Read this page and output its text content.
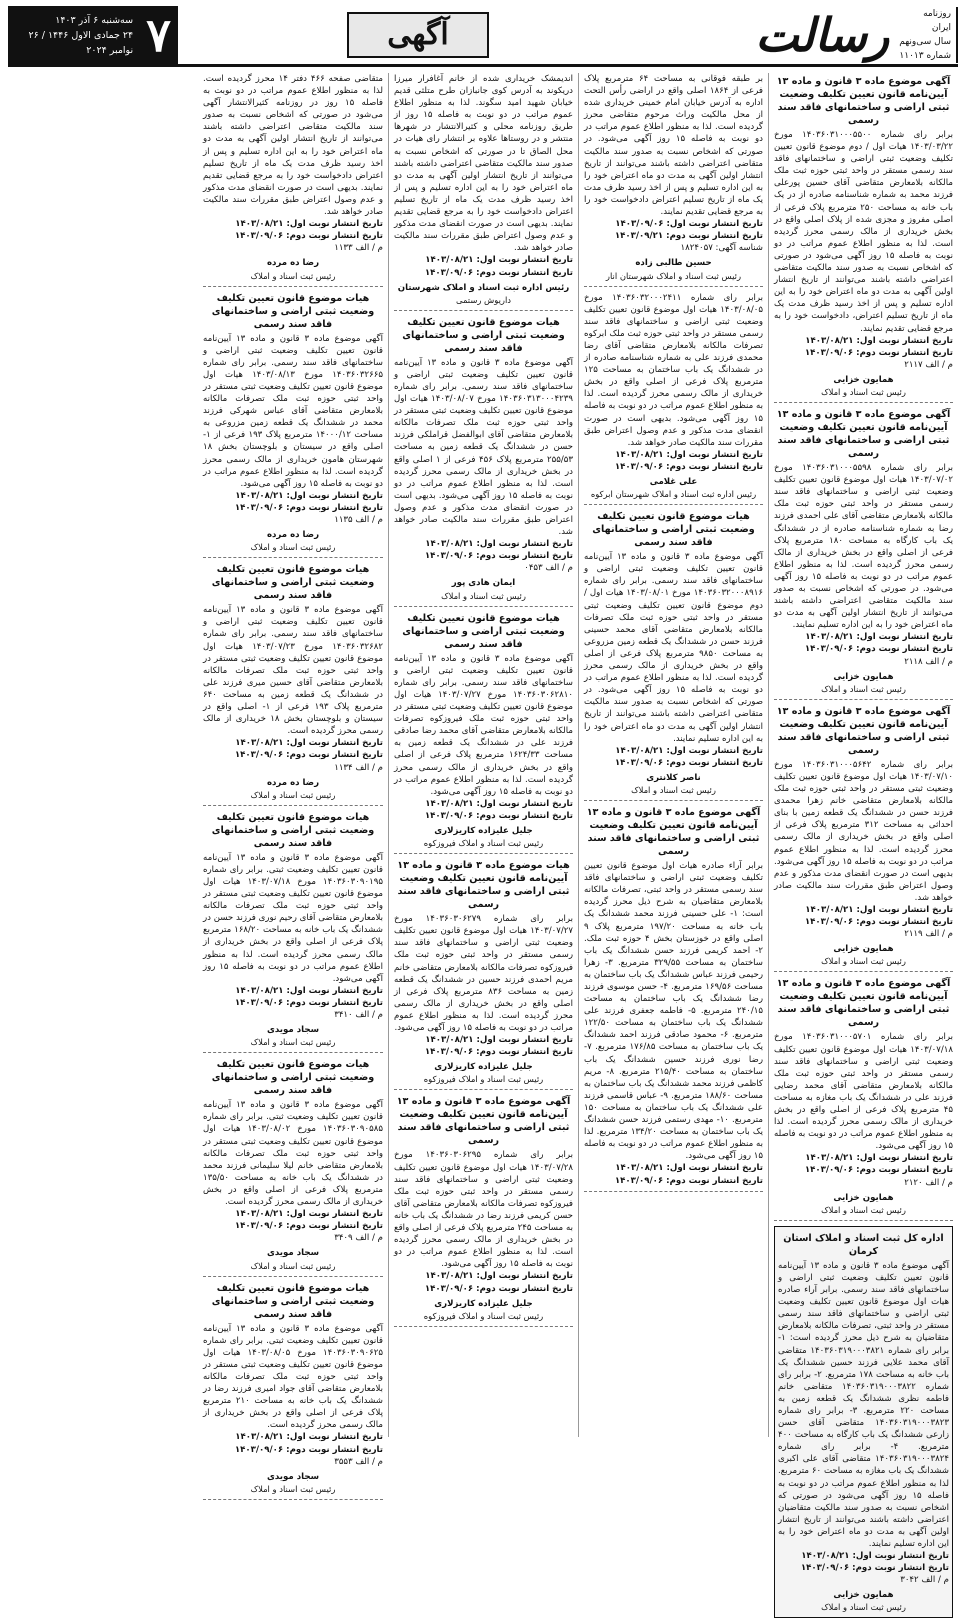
سه‌شنبه ۶ آذر ۱۴۰۳
۲۴ جمادی الاول ۱۴۴۶ / ۲۶ نوامبر ۲۰۲۴ ۷	آگهی	رسالت	روزنامه
ایران
سال سی‌ونهم
شماره ۱۱۰۱۳
آگهی موضوع ماده ۳ قانون و ماده ۱۳ آیین‌نامه قانون تعیین تکلیف وضعیت ثبتی اراضی و ساختمانهای فاقد سند رسمی
برابر رای شماره ۱۴۰۳۶۰۳۱۰۰۰۵۵۰۰ مورخ ۱۴۰۳/۰۳/۲۲ هیات اول / دوم موضوع قانون تعیین تکلیف وضعیت ثبتی اراضی و ساختمانهای فاقد سند رسمی مستقر در واحد ثبتی حوزه ثبت ملک مالکانه بلامعارض متقاضی آقای حسین پورعلی فرزند محمد به شماره شناسنامه صادره از در یک باب خانه به مساحت ۲۵۰ مترمربع پلاک فرعی از اصلی مفروز و مجزی شده از پلاک اصلی واقع در بخش خریداری از مالک رسمی محرز گردیده است. لذا به منظور اطلاع عموم مراتب در دو نوبت به فاصله ۱۵ روز آگهی می‌شود در صورتی که اشخاص نسبت به صدور سند مالکیت متقاضی اعتراضی داشته باشند می‌توانند از تاریخ انتشار اولین آگهی به مدت دو ماه اعتراض خود را به این اداره تسلیم و پس از اخذ رسید ظرف مدت یک ماه از تاریخ تسلیم اعتراض، دادخواست خود را به مرجع قضایی تقدیم نمایند.
تاریخ انتشار نوبت اول: ۱۴۰۳/۰۸/۲۱
تاریخ انتشار نوبت دوم: ۱۴۰۳/۰۹/۰۶
م / الف ۲۱۱۷
همایون خزایی
رئیس ثبت اسناد و املاک
آگهی موضوع ماده ۳ قانون و ماده ۱۳ آیین‌نامه قانون تعیین تکلیف وضعیت ثبتی اراضی و ساختمانهای فاقد سند رسمی
برابر رای شماره ۱۴۰۳۶۰۳۱۰۰۰۵۵۹۸ مورخ ۱۴۰۳/۰۷/۰۲ هیات اول موضوع قانون تعیین تکلیف وضعیت ثبتی اراضی و ساختمانهای فاقد سند رسمی مستقر در واحد ثبتی حوزه ثبت ملک مالکانه بلامعارض متقاضی آقای علی احمدی فرزند رضا به شماره شناسنامه صادره از در ششدانگ یک باب کارگاه به مساحت ۱۸۰ مترمربع پلاک فرعی از اصلی واقع در بخش خریداری از مالک رسمی محرز گردیده است. لذا به منظور اطلاع عموم مراتب در دو نوبت به فاصله ۱۵ روز آگهی می‌شود. در صورتی که اشخاص نسبت به صدور سند مالکیت متقاضی اعتراضی داشته باشند می‌توانند از تاریخ انتشار اولین آگهی به مدت دو ماه اعتراض خود را به این اداره تسلیم نمایند.
تاریخ انتشار نوبت اول: ۱۴۰۳/۰۸/۲۱
تاریخ انتشار نوبت دوم: ۱۴۰۳/۰۹/۰۶
م / الف ۲۱۱۸
همایون خزایی
رئیس ثبت اسناد و املاک
آگهی موضوع ماده ۳ قانون و ماده ۱۳ آیین‌نامه قانون تعیین تکلیف وضعیت ثبتی اراضی و ساختمانهای فاقد سند رسمی
برابر رای شماره ۱۴۰۳۶۰۳۱۰۰۰۵۶۴۲ مورخ ۱۴۰۳/۰۷/۱۰ هیات اول موضوع قانون تعیین تکلیف وضعیت ثبتی مستقر در واحد ثبتی حوزه ثبت ملک مالکانه بلامعارض متقاضی خانم زهرا محمدی فرزند حسن در ششدانگ یک قطعه زمین با بنای احداثی به مساحت ۳۱۲ مترمربع پلاک فرعی از اصلی واقع در بخش خریداری از مالک رسمی محرز گردیده است. لذا به منظور اطلاع عموم مراتب در دو نوبت به فاصله ۱۵ روز آگهی می‌شود. بدیهی است در صورت انقضای مدت مذکور و عدم وصول اعتراض طبق مقررات سند مالکیت صادر خواهد شد.
تاریخ انتشار نوبت اول: ۱۴۰۳/۰۸/۲۱
تاریخ انتشار نوبت دوم: ۱۴۰۳/۰۹/۰۶
م / الف ۲۱۱۹
همایون خزایی
رئیس ثبت اسناد و املاک
آگهی موضوع ماده ۳ قانون و ماده ۱۳ آیین‌نامه قانون تعیین تکلیف وضعیت ثبتی اراضی و ساختمانهای فاقد سند رسمی
برابر رای شماره ۱۴۰۳۶۰۳۱۰۰۰۵۷۰۱ مورخ ۱۴۰۳/۰۷/۱۸ هیات اول موضوع قانون تعیین تکلیف وضعیت ثبتی اراضی و ساختمانهای فاقد سند رسمی مستقر در واحد ثبتی حوزه ثبت ملک مالکانه بلامعارض متقاضی آقای محمد رضایی فرزند علی در ششدانگ یک باب مغازه به مساحت ۴۵ مترمربع پلاک فرعی از اصلی واقع در بخش خریداری از مالک رسمی محرز گردیده است. لذا به منظور اطلاع عموم مراتب در دو نوبت به فاصله ۱۵ روز آگهی می‌شود.
تاریخ انتشار نوبت اول: ۱۴۰۳/۰۸/۲۱
تاریخ انتشار نوبت دوم: ۱۴۰۳/۰۹/۰۶
م / الف ۲۱۲۰
همایون خزایی
رئیس ثبت اسناد و املاک
اداره کل ثبت اسناد و املاک استان کرمان
آگهی موضوع ماده ۳ قانون و ماده ۱۳ آیین‌نامه قانون تعیین تکلیف وضعیت ثبتی اراضی و ساختمانهای فاقد سند رسمی. برابر آراء صادره هیات اول موضوع قانون تعیین تکلیف وضعیت ثبتی اراضی و ساختمانهای فاقد سند رسمی مستقر در واحد ثبتی، تصرفات مالکانه بلامعارض متقاضیان به شرح ذیل محرز گردیده است: ۱- برابر رای شماره ۱۴۰۳۶۰۳۱۹۰۰۰۳۸۲۱ متقاضی آقای محمد علایی فرزند حسین ششدانگ یک باب خانه به مساحت ۱۷۸ مترمربع. ۲- برابر رای شماره ۱۴۰۳۶۰۳۱۹۰۰۰۳۸۲۲ متقاضی خانم فاطمه نظری ششدانگ یک قطعه زمین به مساحت ۲۲۰ مترمربع. ۳- برابر رای شماره ۱۴۰۳۶۰۳۱۹۰۰۰۳۸۲۳ متقاضی آقای حسن زارعی ششدانگ یک باب کارگاه به مساحت ۴۰۰ مترمربع. ۴- برابر رای شماره ۱۴۰۳۶۰۳۱۹۰۰۰۳۸۲۴ متقاضی آقای علی اکبری ششدانگ یک باب مغازه به مساحت ۶۰ مترمربع. لذا به منظور اطلاع عموم مراتب در دو نوبت به فاصله ۱۵ روز آگهی می‌شود در صورتی که اشخاص نسبت به صدور سند مالکیت متقاضیان اعتراضی داشته باشند می‌توانند از تاریخ انتشار اولین آگهی به مدت دو ماه اعتراض خود را به این اداره تسلیم نمایند.
تاریخ انتشار نوبت اول: ۱۴۰۳/۰۸/۲۱
تاریخ انتشار نوبت دوم: ۱۴۰۳/۰۹/۰۶
م / الف ۳۰۴۲
همایون خزایی
رئیس ثبت اسناد و املاک
بر طبقه فوقانی به مساحت ۶۴ مترمربع پلاک فرعی از ۱۸۶۴ اصلی واقع در اراضی رأس التحت اداره به آدرس خیابان امام خمینی خریداری شده از محل مالکیت وراث مرحوم متقاضی محرز گردیده است. لذا به منظور اطلاع عموم مراتب در دو نوبت به فاصله ۱۵ روز آگهی می‌شود. در صورتی که اشخاص نسبت به صدور سند مالکیت متقاضی اعتراضی داشته باشند می‌توانند از تاریخ انتشار اولین آگهی به مدت دو ماه اعتراض خود را به این اداره تسلیم و پس از اخذ رسید ظرف مدت یک ماه از تاریخ تسلیم اعتراض دادخواست خود را به مرجع قضایی تقدیم نمایند.
تاریخ انتشار نوبت اول: ۱۴۰۳/۰۹/۰۶
تاریخ انتشار نوبت دوم: ۱۴۰۳/۰۹/۲۱
شناسه آگهی: ۱۸۲۴۰۵۷
حسین طالبی زاده
رئیس ثبت اسناد و املاک شهرستان انار
برابر رای شماره ۱۴۰۳۶۰۳۲۰۰۰۲۴۱۱ مورخ ۱۴۰۳/۰۸/۰۵ هیات اول موضوع قانون تعیین تکلیف وضعیت ثبتی اراضی و ساختمانهای فاقد سند رسمی مستقر در واحد ثبتی حوزه ثبت ملک ابرکوه تصرفات مالکانه بلامعارض متقاضی آقای رضا محمدی فرزند علی به شماره شناسنامه صادره از در ششدانگ یک باب ساختمان به مساحت ۱۲۵ مترمربع پلاک فرعی از اصلی واقع در بخش خریداری از مالک رسمی محرز گردیده است. لذا به منظور اطلاع عموم مراتب در دو نوبت به فاصله ۱۵ روز آگهی می‌شود. بدیهی است در صورت انقضای مدت مذکور و عدم وصول اعتراض طبق مقررات سند مالکیت صادر خواهد شد.
تاریخ انتشار نوبت اول: ۱۴۰۳/۰۸/۲۱
تاریخ انتشار نوبت دوم: ۱۴۰۳/۰۹/۰۶
علی غلامی
رئیس اداره ثبت اسناد و املاک شهرستان ابرکوه
هیات موضوع قانون تعیین تکلیف وضعیت ثبتی اراضی و ساختمانهای فاقد سند رسمی
آگهی موضوع ماده ۳ قانون و ماده ۱۳ آیین‌نامه قانون تعیین تکلیف وضعیت ثبتی اراضی و ساختمانهای فاقد سند رسمی. برابر رای شماره ۱۴۰۳۶۰۳۲۰۰۰۸۹۱۶ مورخ ۱۴۰۳/۰۸/۰۱ هیات اول / دوم موضوع قانون تعیین تکلیف وضعیت ثبتی مستقر در واحد ثبتی حوزه ثبت ملک تصرفات مالکانه بلامعارض متقاضی آقای محمد حسینی فرزند حسن در ششدانگ یک قطعه زمین مزروعی به مساحت ۹۸۵۰ مترمربع پلاک فرعی از اصلی واقع در بخش خریداری از مالک رسمی محرز گردیده است. لذا به منظور اطلاع عموم مراتب در دو نوبت به فاصله ۱۵ روز آگهی می‌شود. در صورتی که اشخاص نسبت به صدور سند مالکیت متقاضی اعتراضی داشته باشند می‌توانند از تاریخ انتشار اولین آگهی به مدت دو ماه اعتراض خود را به این اداره تسلیم نمایند.
تاریخ انتشار نوبت اول: ۱۴۰۳/۰۸/۲۱
تاریخ انتشار نوبت دوم: ۱۴۰۳/۰۹/۰۶
ناصر کلانتری
رئیس ثبت اسناد و املاک
آگهی موضوع ماده ۳ قانون و ماده ۱۳ آیین‌نامه قانون تعیین تکلیف وضعیت ثبتی اراضی و ساختمانهای فاقد سند رسمی
برابر آراء صادره هیات اول موضوع قانون تعیین تکلیف وضعیت ثبتی اراضی و ساختمانهای فاقد سند رسمی مستقر در واحد ثبتی، تصرفات مالکانه بلامعارض متقاضیان به شرح ذیل محرز گردیده است: ۱- علی حسینی فرزند محمد ششدانگ یک باب خانه به مساحت ۱۹۷/۲۰ مترمربع پلاک ۹ اصلی واقع در خوزستان بخش ۴ حوزه ثبت ملک. ۲- احمد کریمی فرزند حسن ششدانگ یک باب ساختمان به مساحت ۳۲۹/۵۵ مترمربع. ۳- زهرا رحیمی فرزند عباس ششدانگ یک باب ساختمان به مساحت ۱۶۹/۵۶ مترمربع. ۴- حسن موسوی فرزند رضا ششدانگ یک باب ساختمان به مساحت ۲۴۰/۱۵ مترمربع. ۵- فاطمه جعفری فرزند علی ششدانگ یک باب ساختمان به مساحت ۱۲۲/۵۰ مترمربع. ۶- محمود صادقی فرزند احمد ششدانگ یک باب ساختمان به مساحت ۱۷۶/۸۵ مترمربع. ۷- رضا نوری فرزند حسین ششدانگ یک باب ساختمان به مساحت ۲۱۵/۴۰ مترمربع. ۸- مریم کاظمی فرزند محمد ششدانگ یک باب ساختمان به مساحت ۱۸۸/۶۰ مترمربع. ۹- عباس قاسمی فرزند علی ششدانگ یک باب ساختمان به مساحت ۱۵۰ مترمربع. ۱۰- مهدی رستمی فرزند حسن ششدانگ یک باب ساختمان به مساحت ۱۳۴/۲۰ مترمربع. لذا به منظور اطلاع عموم مراتب در دو نوبت به فاصله ۱۵ روز آگهی می‌شود.
تاریخ انتشار نوبت اول: ۱۴۰۳/۰۸/۲۱
تاریخ انتشار نوبت دوم: ۱۴۰۳/۰۹/۰۶
اندیمشک خریداری شده از خانم آغافرار میرزا دریکوند به آدرس کوی جانبازان طرح متلثی قدیم خیابان شهید امید سگوند. لذا به منظور اطلاع عموم مراتب در دو نوبت به فاصله ۱۵ روز از طریق روزنامه محلی و کثیرالانتشار در شهرها منتشر و در روستاها علاوه بر انتشار رای هیات در محل الصاق تا در صورتی که اشخاص نسبت به صدور سند مالکیت متقاضی اعتراضی داشته باشند می‌توانند از تاریخ انتشار اولین آگهی به مدت دو ماه اعتراض خود را به این اداره تسلیم و پس از اخذ رسید ظرف مدت یک ماه از تاریخ تسلیم اعتراض دادخواست خود را به مرجع قضایی تقدیم نمایند. بدیهی است در صورت انقضای مدت مذکور و عدم وصول اعتراض طبق مقررات سند مالکیت صادر خواهد شد.
تاریخ انتشار نوبت اول: ۱۴۰۳/۰۸/۲۱
تاریخ انتشار نوبت دوم: ۱۴۰۳/۰۹/۰۶
رئیس اداره ثبت اسناد و املاک شهرستان
داریوش رستمی
هیات موضوع قانون تعیین تکلیف وضعیت ثبتی اراضی و ساختمانهای فاقد سند رسمی
آگهی موضوع ماده ۳ قانون و ماده ۱۳ آیین‌نامه قانون تعیین تکلیف وضعیت ثبتی اراضی و ساختمانهای فاقد سند رسمی. برابر رای شماره ۱۴۰۳۶۰۳۱۳۰۰۰۴۲۳۹ مورخ ۱۴۰۳/۰۸/۰۷ هیات اول موضوع قانون تعیین تکلیف وضعیت ثبتی مستقر در واحد ثبتی حوزه ثبت ملک تصرفات مالکانه بلامعارض متقاضی آقای ابوالفضل قراملکی فرزند حسن در ششدانگ یک قطعه زمین به مساحت ۲۵۵/۵۳ مترمربع پلاک ۴۵۶ فرعی از ۱ اصلی واقع در بخش خریداری از مالک رسمی محرز گردیده است. لذا به منظور اطلاع عموم مراتب در دو نوبت به فاصله ۱۵ روز آگهی می‌شود. بدیهی است در صورت انقضای مدت مذکور و عدم وصول اعتراض طبق مقررات سند مالکیت صادر خواهد شد.
تاریخ انتشار نوبت اول: ۱۴۰۳/۰۸/۲۱
تاریخ انتشار نوبت دوم: ۱۴۰۳/۰۹/۰۶
م / الف ۰۴۵۳
ایمان هادی پور
رئیس ثبت اسناد و املاک
هیات موضوع قانون تعیین تکلیف وضعیت ثبتی اراضی و ساختمانهای فاقد سند رسمی
آگهی موضوع ماده ۳ قانون و ماده ۱۳ آیین‌نامه قانون تعیین تکلیف وضعیت ثبتی اراضی و ساختمانهای فاقد سند رسمی. برابر رای شماره ۱۴۰۳۶۰۳۰۶۲۸۱۰ مورخ ۱۴۰۳/۰۷/۲۷ هیات اول موضوع قانون تعیین تکلیف وضعیت ثبتی مستقر در واحد ثبتی حوزه ثبت ملک فیروزکوه تصرفات مالکانه بلامعارض متقاضی آقای محمد رضا صادقی فرزند علی در ششدانگ یک قطعه زمین به مساحت ۱۶۲۴/۳۳ مترمربع پلاک فرعی از اصلی واقع در بخش خریداری از مالک رسمی محرز گردیده است. لذا به منظور اطلاع عموم مراتب در دو نوبت به فاصله ۱۵ روز آگهی می‌شود.
تاریخ انتشار نوبت اول: ۱۴۰۳/۰۸/۲۱
تاریخ انتشار نوبت دوم: ۱۴۰۳/۰۹/۰۶
جلیل علیزاده کاریزلاری
رئیس ثبت اسناد و املاک فیروزکوه
هیات موضوع ماده ۳ قانون و ماده ۱۳ آیین‌نامه قانون تعیین تکلیف وضعیت ثبتی اراضی و ساختمانهای فاقد سند رسمی
برابر رای شماره ۱۴۰۳۶۰۳۰۶۲۷۹ مورخ ۱۴۰۳/۰۷/۲۷ هیات اول موضوع قانون تعیین تکلیف وضعیت ثبتی اراضی و ساختمانهای فاقد سند رسمی مستقر در واحد ثبتی حوزه ثبت ملک فیروزکوه تصرفات مالکانه بلامعارض متقاضی خانم مریم احمدی فرزند حسین در ششدانگ یک قطعه زمین به مساحت ۸۳۶ مترمربع پلاک فرعی از اصلی واقع در بخش خریداری از مالک رسمی محرز گردیده است. لذا به منظور اطلاع عموم مراتب در دو نوبت به فاصله ۱۵ روز آگهی می‌شود.
تاریخ انتشار نوبت اول: ۱۴۰۳/۰۸/۲۱
تاریخ انتشار نوبت دوم: ۱۴۰۳/۰۹/۰۶
جلیل علیزاده کاریزلاری
رئیس ثبت اسناد و املاک فیروزکوه
آگهی موضوع ماده ۳ قانون و ماده ۱۳ آیین‌نامه قانون تعیین تکلیف وضعیت ثبتی اراضی و ساختمانهای فاقد سند رسمی
برابر رای شماره ۱۴۰۳۶۰۳۰۶۲۹۵ مورخ ۱۴۰۳/۰۷/۲۸ هیات اول موضوع قانون تعیین تکلیف وضعیت ثبتی اراضی و ساختمانهای فاقد سند رسمی مستقر در واحد ثبتی حوزه ثبت ملک فیروزکوه تصرفات مالکانه بلامعارض متقاضی آقای حسن کریمی فرزند رضا در ششدانگ یک باب خانه به مساحت ۲۴۵ مترمربع پلاک فرعی از اصلی واقع در بخش خریداری از مالک رسمی محرز گردیده است. لذا به منظور اطلاع عموم مراتب در دو نوبت به فاصله ۱۵ روز آگهی می‌شود.
تاریخ انتشار نوبت اول: ۱۴۰۳/۰۸/۲۱
تاریخ انتشار نوبت دوم: ۱۴۰۳/۰۹/۰۶
جلیل علیزاده کاریزلاری
رئیس ثبت اسناد و املاک فیروزکوه
متقاضی صفحه ۴۶۶ دفتر ۱۴ محرز گردیده است. لذا به منظور اطلاع عموم مراتب در دو نوبت به فاصله ۱۵ روز در روزنامه کثیرالانتشار آگهی می‌شود در صورتی که اشخاص نسبت به صدور سند مالکیت متقاضی اعتراضی داشته باشند می‌توانند از تاریخ انتشار اولین آگهی به مدت دو ماه اعتراض خود را به این اداره تسلیم و پس از اخذ رسید ظرف مدت یک ماه از تاریخ تسلیم اعتراض دادخواست خود را به مرجع قضایی تقدیم نمایند. بدیهی است در صورت انقضای مدت مذکور و عدم وصول اعتراض طبق مقررات سند مالکیت صادر خواهد شد.
تاریخ انتشار نوبت اول: ۱۴۰۳/۰۸/۲۱
تاریخ انتشار نوبت دوم: ۱۴۰۳/۰۹/۰۶
م / الف ۱۱۳۳
رضا ده مرده
رئیس ثبت اسناد و املاک
هیات موضوع قانون تعیین تکلیف وضعیت ثبتی اراضی و ساختمانهای فاقد سند رسمی
آگهی موضوع ماده ۳ قانون و ماده ۱۳ آیین‌نامه قانون تعیین تکلیف وضعیت ثبتی اراضی و ساختمانهای فاقد سند رسمی. برابر رای شماره ۱۴۰۳۶۰۳۲۶۶۵ مورخ ۱۴۰۳/۰۸/۱۳ هیات اول موضوع قانون تعیین تکلیف وضعیت ثبتی مستقر در واحد ثبتی حوزه ثبت ملک تصرفات مالکانه بلامعارض متقاضی آقای عباس شهرکی فرزند محمد در ششدانگ یک قطعه زمین مزروعی به مساحت ۱۴۰۰۰/۱۲ مترمربع پلاک ۱۹۳ فرعی از ۱- اصلی واقع در سیستان و بلوچستان بخش ۱۸ شهرستان هامون خریداری از مالک رسمی محرز گردیده است. لذا به منظور اطلاع عموم مراتب در دو نوبت به فاصله ۱۵ روز آگهی می‌شود.
تاریخ انتشار نوبت اول: ۱۴۰۳/۰۸/۲۱
تاریخ انتشار نوبت دوم: ۱۴۰۳/۰۹/۰۶
م / الف ۱۱۳۵
رضا ده مرده
رئیس ثبت اسناد و املاک
هیات موضوع قانون تعیین تکلیف وضعیت ثبتی اراضی و ساختمانهای فاقد سند رسمی
آگهی موضوع ماده ۳ قانون و ماده ۱۳ آیین‌نامه قانون تعیین تکلیف وضعیت ثبتی اراضی و ساختمانهای فاقد سند رسمی. برابر رای شماره ۱۴۰۳۶۰۳۲۶۸۲ مورخ ۱۴۰۳/۰۷/۲۳ هیات اول موضوع قانون تعیین تکلیف وضعیت ثبتی مستقر در واحد ثبتی حوزه ثبت ملک تصرفات مالکانه بلامعارض متقاضی آقای حسین میری فرزند علی در ششدانگ یک قطعه زمین به مساحت ۶۴۰ مترمربع پلاک ۱۹۳ فرعی از ۱- اصلی واقع در سیستان و بلوچستان بخش ۱۸ خریداری از مالک رسمی محرز گردیده است.
تاریخ انتشار نوبت اول: ۱۴۰۳/۰۸/۲۱
تاریخ انتشار نوبت دوم: ۱۴۰۳/۰۹/۰۶
م / الف ۱۱۳۴
رضا ده مرده
رئیس ثبت اسناد و املاک
هیات موضوع قانون تعیین تکلیف وضعیت ثبتی اراضی و ساختمانهای فاقد سند رسمی
آگهی موضوع ماده ۳ قانون و ماده ۱۳ آیین‌نامه قانون تعیین تکلیف وضعیت ثبتی. برابر رای شماره ۱۴۰۳۶۰۳۰۹۰۱۹۵ مورخ ۱۴۰۳/۰۷/۱۸ هیات اول موضوع قانون تعیین تکلیف وضعیت ثبتی مستقر در واحد ثبتی حوزه ثبت ملک تصرفات مالکانه بلامعارض متقاضی آقای رحیم نوری فرزند حسن در ششدانگ یک باب خانه به مساحت ۱۶۸/۲۰ مترمربع پلاک فرعی از اصلی واقع در بخش خریداری از مالک رسمی محرز گردیده است. لذا به منظور اطلاع عموم مراتب در دو نوبت به فاصله ۱۵ روز آگهی می‌شود.
تاریخ انتشار نوبت اول: ۱۴۰۳/۰۸/۲۱
تاریخ انتشار نوبت دوم: ۱۴۰۳/۰۹/۰۶
م / الف ۳۴۱۰
سجاد مویدی
رئیس ثبت اسناد و املاک
هیات موضوع قانون تعیین تکلیف وضعیت ثبتی اراضی و ساختمانهای فاقد سند رسمی
آگهی موضوع ماده ۳ قانون و ماده ۱۳ آیین‌نامه قانون تعیین تکلیف وضعیت ثبتی. برابر رای شماره ۱۴۰۳۶۰۳۰۹۰۵۸۵ مورخ ۱۴۰۳/۰۸/۰۲ هیات اول موضوع قانون تعیین تکلیف وضعیت ثبتی مستقر در واحد ثبتی حوزه ثبت ملک تصرفات مالکانه بلامعارض متقاضی خانم لیلا سلیمانی فرزند محمد در ششدانگ یک باب خانه به مساحت ۱۳۵/۵۰ مترمربع پلاک فرعی از اصلی واقع در بخش خریداری از مالک رسمی محرز گردیده است.
تاریخ انتشار نوبت اول: ۱۴۰۳/۰۸/۲۱
تاریخ انتشار نوبت دوم: ۱۴۰۳/۰۹/۰۶
م / الف ۳۴۰۹
سجاد مویدی
رئیس ثبت اسناد و املاک
هیات موضوع قانون تعیین تکلیف وضعیت ثبتی اراضی و ساختمانهای فاقد سند رسمی
آگهی موضوع ماده ۳ قانون و ماده ۱۳ آیین‌نامه قانون تعیین تکلیف وضعیت ثبتی. برابر رای شماره ۱۴۰۳۶۰۳۰۹۰۶۲۵ مورخ ۱۴۰۳/۰۸/۰۵ هیات اول موضوع قانون تعیین تکلیف وضعیت ثبتی مستقر در واحد ثبتی حوزه ثبت ملک تصرفات مالکانه بلامعارض متقاضی آقای جواد امیری فرزند رضا در ششدانگ یک باب خانه به مساحت ۲۱۰ مترمربع پلاک فرعی از اصلی واقع در بخش خریداری از مالک رسمی محرز گردیده است.
تاریخ انتشار نوبت اول: ۱۴۰۳/۰۸/۲۱
تاریخ انتشار نوبت دوم: ۱۴۰۳/۰۹/۰۶
م / الف ۳۵۵۳
سجاد مویدی
رئیس ثبت اسناد و املاک
